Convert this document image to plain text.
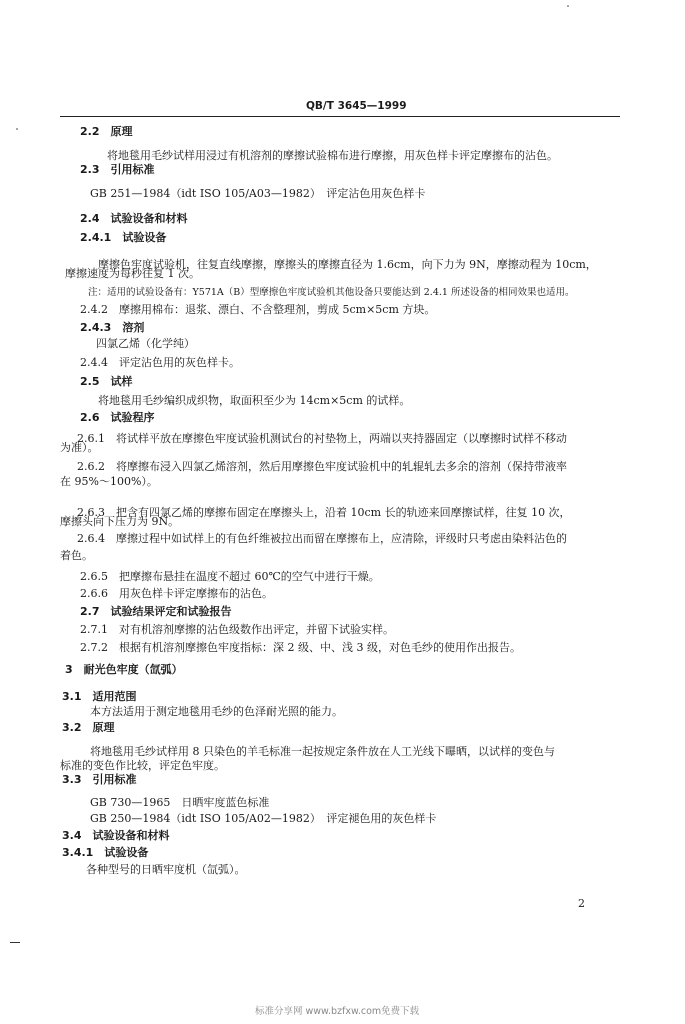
QB/T 3645—1999
2.2　原理
将地毯用毛纱试样用浸过有机溶剂的摩擦试验棉布进行摩擦，用灰色样卡评定摩擦布的沾色。
2.3　引用标准
GB 251—1984（idt ISO 105/A03—1982）　评定沾色用灰色样卡
2.4　试验设备和材料
2.4.1　试验设备
摩擦色牢度试验机，往复直线摩擦，摩擦头的摩擦直径为 1.6cm，向下力为 9N，摩擦动程为 10cm，
摩擦速度为每秒往复 1 次。
注：适用的试验设备有：Y571A（B）型摩擦色牢度试验机其他设备只要能达到 2.4.1 所述设备的相同效果也适用。
2.4.2　摩擦用棉布：退浆、漂白、不含整理剂，剪成 5cm×5cm 方块。
2.4.3　溶剂
四氯乙烯（化学纯）
2.4.4　评定沾色用的灰色样卡。
2.5　试样
将地毯用毛纱编织成织物，取面积至少为 14cm×5cm 的试样。
2.6　试验程序
2.6.1　将试样平放在摩擦色牢度试验机测试台的衬垫物上，两端以夹持器固定（以摩擦时试样不移动
为准）。
2.6.2　将摩擦布浸入四氯乙烯溶剂，然后用摩擦色牢度试验机中的轧辊轧去多余的溶剂（保持带液率
在 95%～100%）。
2.6.3　把含有四氯乙烯的摩擦布固定在摩擦头上，沿着 10cm 长的轨迹来回摩擦试样，往复 10 次，
摩擦头向下压力为 9N。
2.6.4　摩擦过程中如试样上的有色纤维被拉出而留在摩擦布上，应清除，评级时只考虑由染料沾色的
着色。
2.6.5　把摩擦布悬挂在温度不超过 60℃的空气中进行干燥。
2.6.6　用灰色样卡评定摩擦布的沾色。
2.7　试验结果评定和试验报告
2.7.1　对有机溶剂摩擦的沾色级数作出评定，并留下试验实样。
2.7.2　根据有机溶剂摩擦色牢度指标：深 2 级、中、浅 3 级，对色毛纱的使用作出报告。
3　耐光色牢度（氙弧）
3.1　适用范围
本方法适用于测定地毯用毛纱的色泽耐光照的能力。
3.2　原理
将地毯用毛纱试样用 8 只染色的羊毛标准一起按规定条件放在人工光线下曝晒，以试样的变色与
标准的变色作比较，评定色牢度。
3.3　引用标准
GB 730—1965　日晒牢度蓝色标准
GB 250—1984（idt ISO 105/A02—1982）　评定褪色用的灰色样卡
3.4　试验设备和材料
3.4.1　试验设备
各种型号的日晒牢度机（氙弧）。
2
标准分享网 www.bzfxw.com免费下载
